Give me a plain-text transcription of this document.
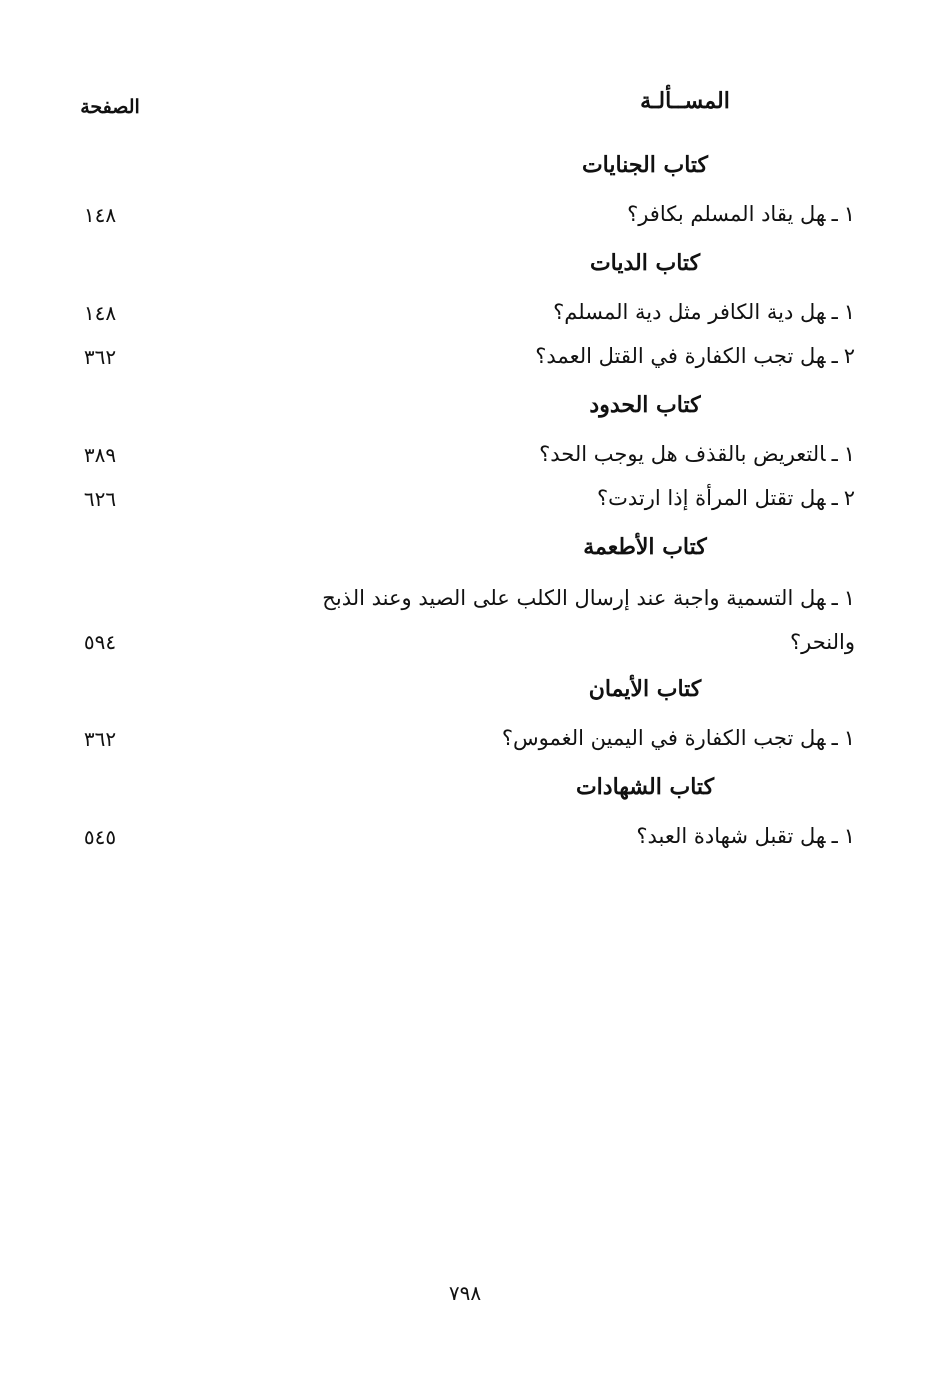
المســألـة
الصفحة
كتاب الجنايات
١ـهل يقاد المسلم بكافر؟
١٤٨
كتاب الديات
١ـهل دية الكافر مثل دية المسلم؟
١٤٨
٢ـهل تجب الكفارة في القتل العمد؟
٣٦٢
كتاب الحدود
١ـالتعريض بالقذف هل يوجب الحد؟
٣٨٩
٢ـهل تقتل المرأة إذا ارتدت؟
٦٢٦
كتاب الأطعمة
١ـهل التسمية واجبة عند إرسال الكلب على الصيد وعند الذبح والنحر؟
٥٩٤
كتاب الأيمان
١ـهل تجب الكفارة في اليمين الغموس؟
٣٦٢
كتاب الشهادات
١ـهل تقبل شهادة العبد؟
٥٤٥
٧٩٨
